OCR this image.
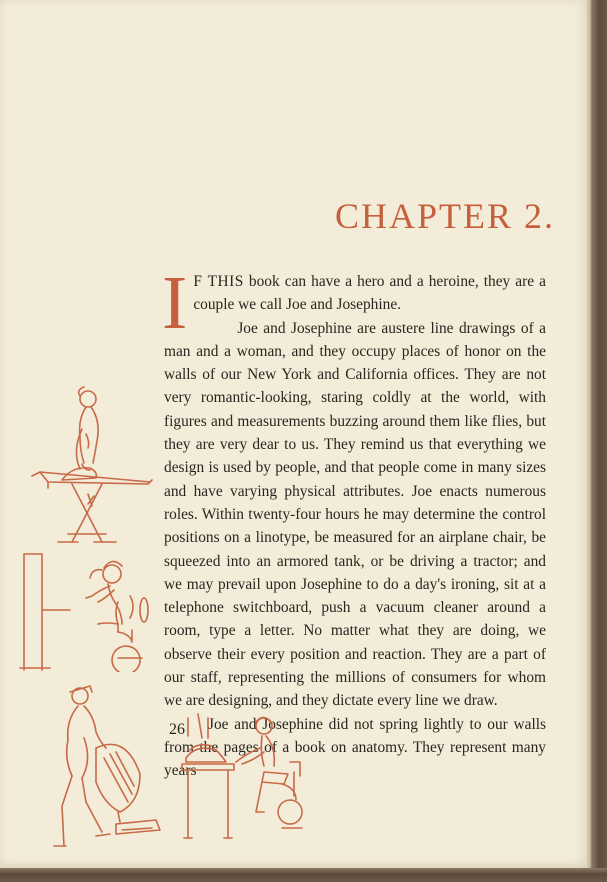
CHAPTER 2.

I F THIS book can have a hero and a heroine, they are a couple we call Joe and Josephine.

Joe and Josephine are austere line drawings of a man and a woman, and they occupy places of honor on the walls of our New York and California offices. They are not very romantic-looking, staring coldly at the world, with figures and measurements buzzing around them like flies, but they are very dear to us. They remind us that everything we design is used by people, and that people come in many sizes and have varying physical attributes. Joe enacts numerous roles. Within twenty-four hours he may determine the control positions on a linotype, be measured for an airplane chair, be squeezed into an armored tank, or be driving a tractor; and we may prevail upon Josephine to do a day's ironing, sit at a telephone switchboard, push a vacuum cleaner around a room, type a letter. No matter what they are doing, we observe their every position and reaction. They are a part of our staff, representing the millions of consumers for whom we are designing, and they dictate every line we draw.

Joe and Josephine did not spring lightly to our walls from the pages of a book on anatomy. They represent many years

26
